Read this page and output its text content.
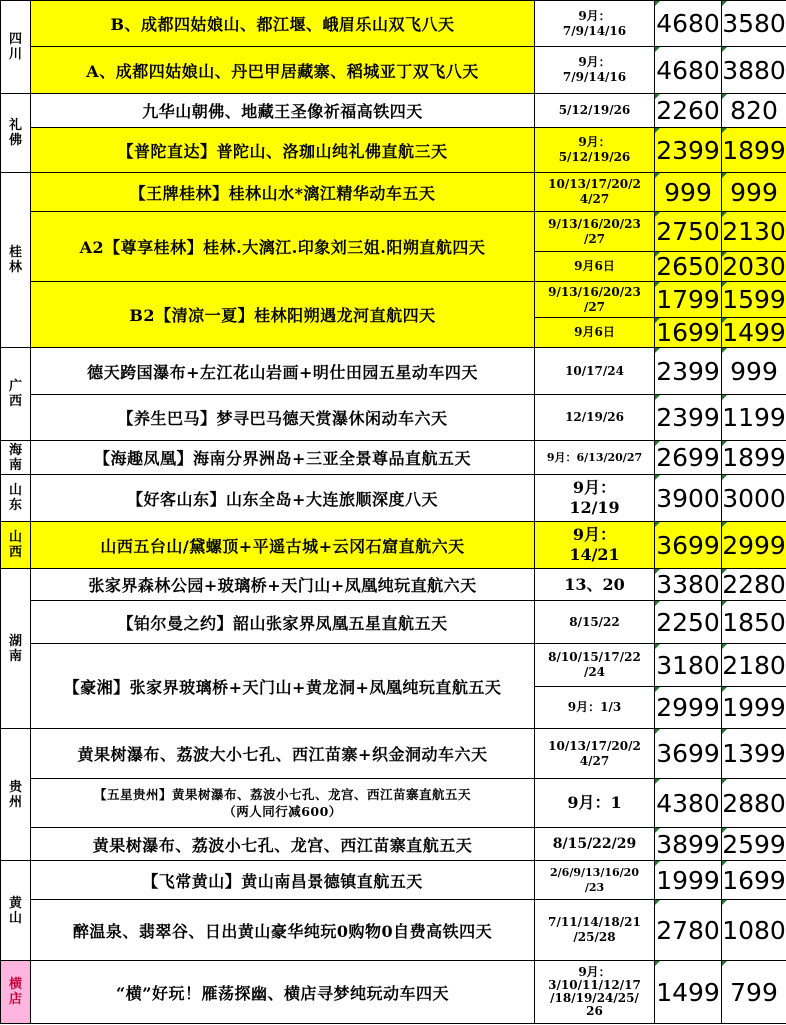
四
川	B、成都四姑娘山、都江堰、峨眉乐山双飞八天	9月：
7/9/14/16	4680	3580
	A、成都四姑娘山、丹巴甲居藏寨、稻城亚丁双飞八天	9月：
7/9/14/16	4680	3880

礼
佛	九华山朝佛、地藏王圣像祈福高铁四天	5/12/19/26	2260	820
	【普陀直达】普陀山、洛珈山纯礼佛直航三天	9月：
5/12/19/26	2399	1899

桂
林	【王牌桂林】桂林山水*漓江精华动车五天	10/13/17/20/2
4/27	999	999
	A2【尊享桂林】桂林.大漓江.印象刘三姐.阳朔直航四天	9/13/16/20/23
/27	2750	2130
		9月6日	2650	2030
	B2【清凉一夏】桂林阳朔遇龙河直航四天	9/13/16/20/23
/27	1799	1599
		9月6日	1699	1499

广
西	德天跨国瀑布+左江花山岩画+明仕田园五星动车四天	10/17/24	2399	999
	【养生巴马】梦寻巴马德天赏瀑休闲动车六天	12/19/26	2399	1199

海
南	【海趣凤凰】海南分界洲岛+三亚全景尊品直航五天	9月：6/13/20/27	2699	1899

山
东	【好客山东】山东全岛+大连旅顺深度八天	9月：
12/19	3900	3000

山
西	山西五台山/黛螺顶+平遥古城+云冈石窟直航六天	9月：
14/21	3699	2999

湖
南	张家界森林公园+玻璃桥+天门山+凤凰纯玩直航六天	13、20	3380	2280
	【铂尔曼之约】韶山张家界凤凰五星直航五天	8/15/22	2250	1850
	【豪湘】张家界玻璃桥+天门山+黄龙洞+凤凰纯玩直航五天	8/10/15/17/22
/24	3180	2180
		9月：1/3	2999	1999

贵
州	黄果树瀑布、荔波大小七孔、西江苗寨+织金洞动车六天	10/13/17/20/2
4/27	3699	1399
	【五星贵州】黄果树瀑布、荔波小七孔、龙宫、西江苗寨直航五天
（两人同行减600）	9月：1	4380	2880
	黄果树瀑布、荔波小七孔、龙宫、西江苗寨直航五天	8/15/22/29	3899	2599

黄
山	【飞常黄山】黄山南昌景德镇直航五天	2/6/9/13/16/20
/23	1999	1699
	醉温泉、翡翠谷、日出黄山豪华纯玩0购物0自费高铁四天	7/11/14/18/21
/25/28	2780	1080

横
店	“横”好玩！雁荡探幽、横店寻梦纯玩动车四天	9月：
3/10/11/12/17
/18/19/24/25/
26	1499	799
